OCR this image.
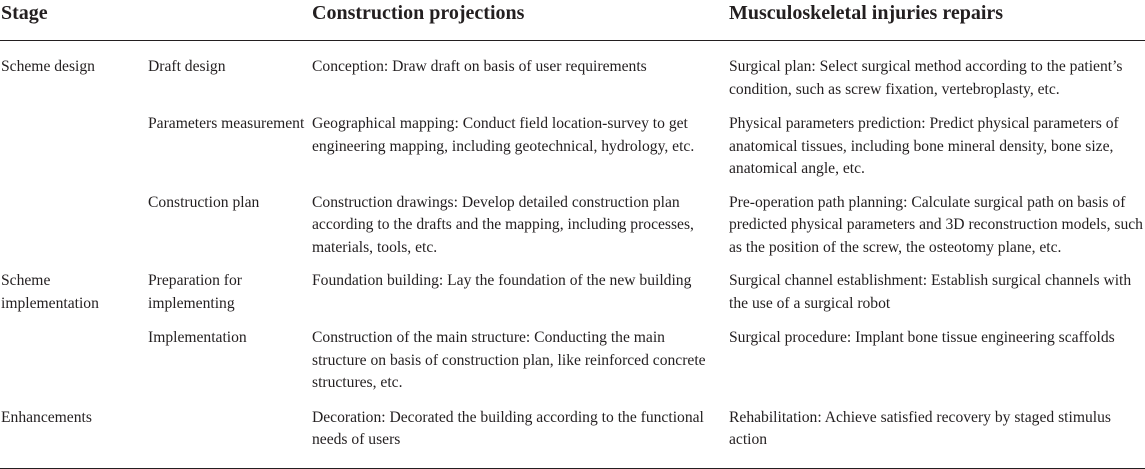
Stage		Construction projections	Musculoskeletal injuries repairs

Scheme design	Draft design	Conception: Draw draft on basis of user requirements	Surgical plan: Select surgical method according to the patient’s condition, such as screw fixation, vertebroplasty, etc.
	Parameters measurement	Geographical mapping: Conduct field location-survey to get engineering mapping, including geotechnical, hydrology, etc.	Physical parameters prediction: Predict physical parameters of anatomical tissues, including bone mineral density, bone size, anatomical angle, etc.
	Construction plan	Construction drawings: Develop detailed construction plan according to the drafts and the mapping, including processes, materials, tools, etc.	Pre-operation path planning: Calculate surgical path on basis of predicted physical parameters and 3D reconstruction models, such as the position of the screw, the osteotomy plane, etc.
Scheme implementation	Preparation for implementing	Foundation building: Lay the foundation of the new building	Surgical channel establishment: Establish surgical channels with the use of a surgical robot
	Implementation	Construction of the main structure: Conducting the main structure on basis of construction plan, like reinforced concrete structures, etc.	Surgical procedure: Implant bone tissue engineering scaffolds
Enhancements		Decoration: Decorated the building according to the functional needs of users	Rehabilitation: Achieve satisfied recovery by staged stimulus action
